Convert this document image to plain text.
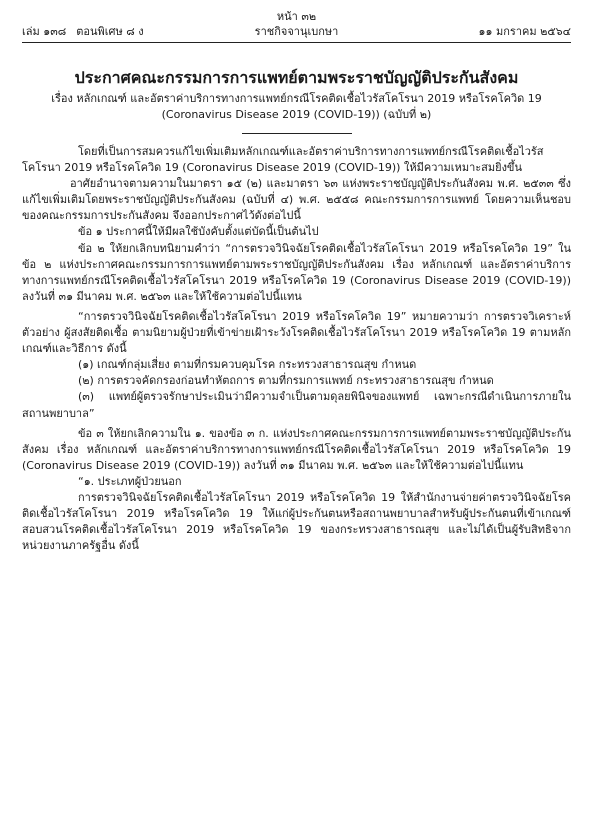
หน้า ๓๒
เล่ม ๑๓๘ ตอนพิเศษ ๘ ง	ราชกิจจานุเบกษา	๑๑ มกราคม ๒๕๖๔
ประกาศคณะกรรมการการแพทย์ตามพระราชบัญญัติประกันสังคม
เรื่อง หลักเกณฑ์ และอัตราค่าบริการทางการแพทย์กรณีโรคติดเชื้อไวรัสโคโรนา 2019 หรือโรคโควิด 19 (Coronavirus Disease 2019 (COVID-19)) (ฉบับที่ ๒)

โดยที่เป็นการสมควรแก้ไขเพิ่มเติมหลักเกณฑ์และอัตราค่าบริการทางการแพทย์กรณีโรคติดเชื้อไวรัสโคโรนา 2019 หรือโรคโควิด 19 (Coronavirus Disease 2019 (COVID-19)) ให้มีความเหมาะสมยิ่งขึ้น

อาศัยอำนาจตามความในมาตรา ๑๕ (๒) และมาตรา ๖๓ แห่งพระราชบัญญัติประกันสังคม พ.ศ. ๒๕๓๓ ซึ่งแก้ไขเพิ่มเติมโดยพระราชบัญญัติประกันสังคม (ฉบับที่ ๔) พ.ศ. ๒๕๕๘ คณะกรรมการการแพทย์ โดยความเห็นชอบของคณะกรรมการประกันสังคม จึงออกประกาศไว้ดังต่อไปนี้

ข้อ ๑ ประกาศนี้ให้มีผลใช้บังคับตั้งแต่บัดนี้เป็นต้นไป

ข้อ ๒ ให้ยกเลิกบทนิยามคำว่า “การตรวจวินิจฉัยโรคติดเชื้อไวรัสโคโรนา 2019 หรือโรคโควิด 19” ในข้อ ๒ แห่งประกาศคณะกรรมการการแพทย์ตามพระราชบัญญัติประกันสังคม เรื่อง หลักเกณฑ์ และอัตราค่าบริการทางการแพทย์กรณีโรคติดเชื้อไวรัสโคโรนา 2019 หรือโรคโควิด 19 (Coronavirus Disease 2019 (COVID-19)) ลงวันที่ ๓๑ มีนาคม พ.ศ. ๒๕๖๓ และให้ใช้ความต่อไปนี้แทน

“การตรวจวินิจฉัยโรคติดเชื้อไวรัสโคโรนา 2019 หรือโรคโควิด 19” หมายความว่า การตรวจวิเคราะห์ตัวอย่าง ผู้สงสัยติดเชื้อ ตามนิยามผู้ป่วยที่เข้าข่ายเฝ้าระวังโรคติดเชื้อไวรัสโคโรนา 2019 หรือโรคโควิด 19 ตามหลักเกณฑ์และวิธีการ ดังนี้

(๑) เกณฑ์กลุ่มเสี่ยง ตามที่กรมควบคุมโรค กระทรวงสาธารณสุข กำหนด

(๒) การตรวจคัดกรองก่อนทำหัตถการ ตามที่กรมการแพทย์ กระทรวงสาธารณสุข กำหนด

(๓) แพทย์ผู้ตรวจรักษาประเมินว่ามีความจำเป็นตามดุลยพินิจของแพทย์ เฉพาะกรณีดำเนินการภายในสถานพยาบาล”

ข้อ ๓ ให้ยกเลิกความใน ๑. ของข้อ ๓ ก. แห่งประกาศคณะกรรมการการแพทย์ตามพระราชบัญญัติประกันสังคม เรื่อง หลักเกณฑ์ และอัตราค่าบริการทางการแพทย์กรณีโรคติดเชื้อไวรัสโคโรนา 2019 หรือโรคโควิด 19 (Coronavirus Disease 2019 (COVID-19)) ลงวันที่ ๓๑ มีนาคม พ.ศ. ๒๕๖๓ และให้ใช้ความต่อไปนี้แทน

“๑. ประเภทผู้ป่วยนอก

การตรวจวินิจฉัยโรคติดเชื้อไวรัสโคโรนา 2019 หรือโรคโควิด 19 ให้สำนักงานจ่ายค่าตรวจวินิจฉัยโรคติดเชื้อไวรัสโคโรนา 2019 หรือโรคโควิด 19 ให้แก่ผู้ประกันตนหรือสถานพยาบาลสำหรับผู้ประกันตนที่เข้าเกณฑ์สอบสวนโรคติดเชื้อไวรัสโคโรนา 2019 หรือโรคโควิด 19 ของกระทรวงสาธารณสุข และไม่ได้เป็นผู้รับสิทธิจากหน่วยงานภาครัฐอื่น ดังนี้
